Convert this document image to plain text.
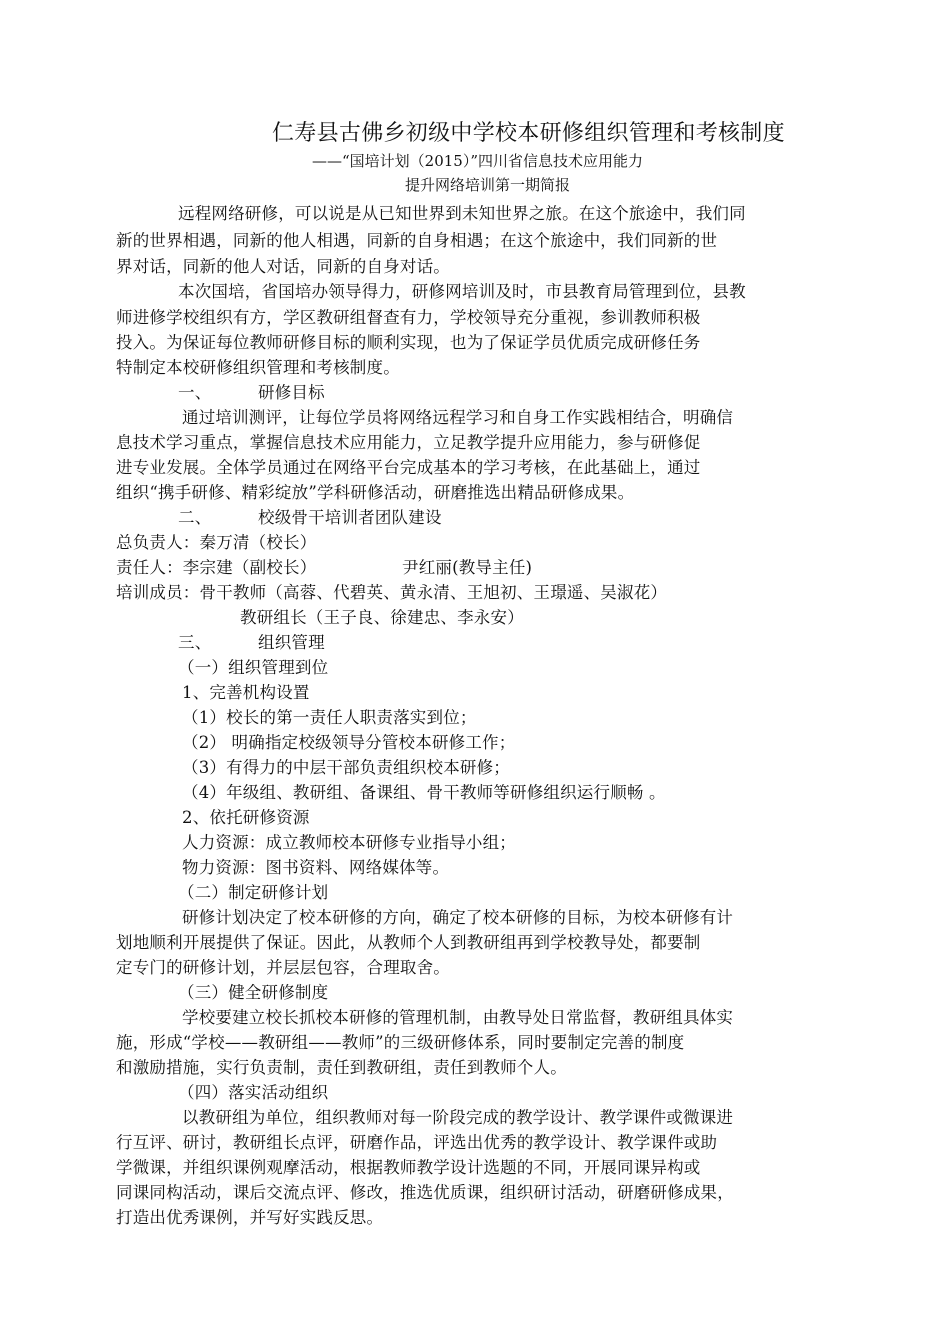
仁寿县古佛乡初级中学校本研修组织管理和考核制度
——“国培计划（2015）”四川省信息技术应用能力
提升网络培训第一期简报
远程网络研修，可以说是从已知世界到未知世界之旅。在这个旅途中，我们同
新的世界相遇，同新的他人相遇，同新的自身相遇；在这个旅途中，我们同新的世
界对话，同新的他人对话，同新的自身对话。
本次国培，省国培办领导得力，研修网培训及时，市县教育局管理到位，县教
师进修学校组织有方，学区教研组督查有力，学校领导充分重视，参训教师积极
投入。为保证每位教师研修目标的顺利实现，也为了保证学员优质完成研修任务
特制定本校研修组织管理和考核制度。
一、	研修目标
通过培训测评，让每位学员将网络远程学习和自身工作实践相结合，明确信
息技术学习重点，掌握信息技术应用能力，立足教学提升应用能力，参与研修促
进专业发展。全体学员通过在网络平台完成基本的学习考核，在此基础上，通过
组织“携手研修、精彩绽放”学科研修活动，研磨推选出精品研修成果。
二、	校级骨干培训者团队建设
总负责人：秦万清（校长）
责任人：李宗建（副校长）	尹红丽(教导主任)
培训成员：骨干教师（高蓉、代碧英、黄永清、王旭初、王璟遥、吴淑花）
教研组长（王子良、徐建忠、李永安）
三、	组织管理
（一）组织管理到位
1、完善机构设置
（1）校长的第一责任人职责落实到位；
（2） 明确指定校级领导分管校本研修工作；
（3）有得力的中层干部负责组织校本研修；
（4）年级组、教研组、备课组、骨干教师等研修组织运行顺畅 。
2、依托研修资源
人力资源：成立教师校本研修专业指导小组；
物力资源：图书资料、网络媒体等。
（二）制定研修计划
研修计划决定了校本研修的方向，确定了校本研修的目标，为校本研修有计
划地顺利开展提供了保证。因此，从教师个人到教研组再到学校教导处，都要制
定专门的研修计划，并层层包容，合理取舍。
（三）健全研修制度
学校要建立校长抓校本研修的管理机制，由教导处日常监督，教研组具体实
施，形成“学校——教研组——教师”的三级研修体系，同时要制定完善的制度
和激励措施，实行负责制，责任到教研组，责任到教师个人。
（四）落实活动组织
以教研组为单位，组织教师对每一阶段完成的教学设计、教学课件或微课进
行互评、研讨，教研组长点评，研磨作品，评选出优秀的教学设计、教学课件或助
学微课，并组织课例观摩活动，根据教师教学设计选题的不同，开展同课异构或
同课同构活动，课后交流点评、修改，推选优质课，组织研讨活动，研磨研修成果，
打造出优秀课例，并写好实践反思。
